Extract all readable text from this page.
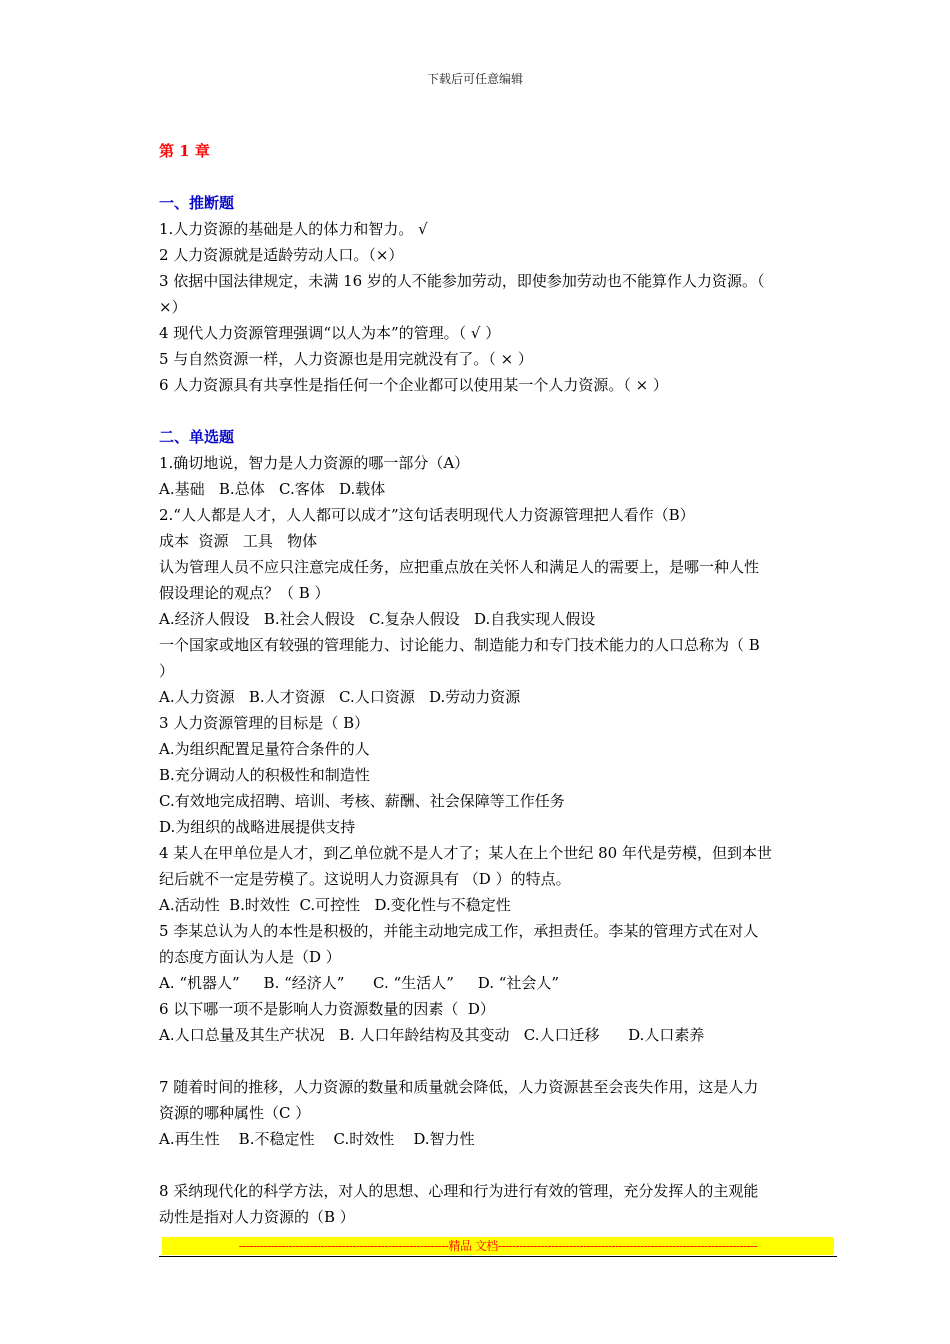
下载后可任意编辑
第 1 章
一、推断题
1.人力资源的基础是人的体力和智力。 √
2 人力资源就是适龄劳动人口。（×）
3 依据中国法律规定，未满 16 岁的人不能参加劳动，即使参加劳动也不能算作人力资源。（
×）
4 现代人力资源管理强调“以人为本”的管理。（ √ ）
5 与自然资源一样，人力资源也是用完就没有了。（ × ）
6 人力资源具有共享性是指任何一个企业都可以使用某一个人力资源。（ × ）
二、单选题
1.确切地说，智力是人力资源的哪一部分（A）
A.基础   B.总体   C.客体   D.载体
2.“人人都是人才，人人都可以成才”这句话表明现代人力资源管理把人看作（B）
成本  资源   工具   物体
认为管理人员不应只注意完成任务，应把重点放在关怀人和满足人的需要上，是哪一种人性
假设理论的观点？（ B ）
A.经济人假设   B.社会人假设   C.复杂人假设   D.自我实现人假设
一个国家或地区有较强的管理能力、讨论能力、制造能力和专门技术能力的人口总称为（ B
）
A.人力资源   B.人才资源   C.人口资源   D.劳动力资源
3 人力资源管理的目标是（ B）
A.为组织配置足量符合条件的人
B.充分调动人的积极性和制造性
C.有效地完成招聘、培训、考核、薪酬、社会保障等工作任务
D.为组织的战略进展提供支持
4 某人在甲单位是人才，到乙单位就不是人才了；某人在上个世纪 80 年代是劳模，但到本世
纪后就不一定是劳模了。这说明人力资源具有 （D ）的特点。
A.活动性  B.时效性  C.可控性   D.变化性与不稳定性
5 李某总认为人的本性是积极的，并能主动地完成工作，承担责任。李某的管理方式在对人
的态度方面认为人是（D ）
A. “机器人”     B. “经济人”      C. “生活人”     D. “社会人”
6 以下哪一项不是影响人力资源数量的因素（  D）
A.人口总量及其生产状况   B. 人口年龄结构及其变动   C.人口迁移      D.人口素养
7 随着时间的推移，人力资源的数量和质量就会降低，人力资源甚至会丧失作用，这是人力
资源的哪种属性（C ）
A.再生性    B.不稳定性    C.时效性    D.智力性
8 采纳现代化的科学方法，对人的思想、心理和行为进行有效的管理，充分发挥人的主观能
动性是指对人力资源的（B ）
-----------------------------------------------------------精品 文档-------------------------------------------------------------------------
